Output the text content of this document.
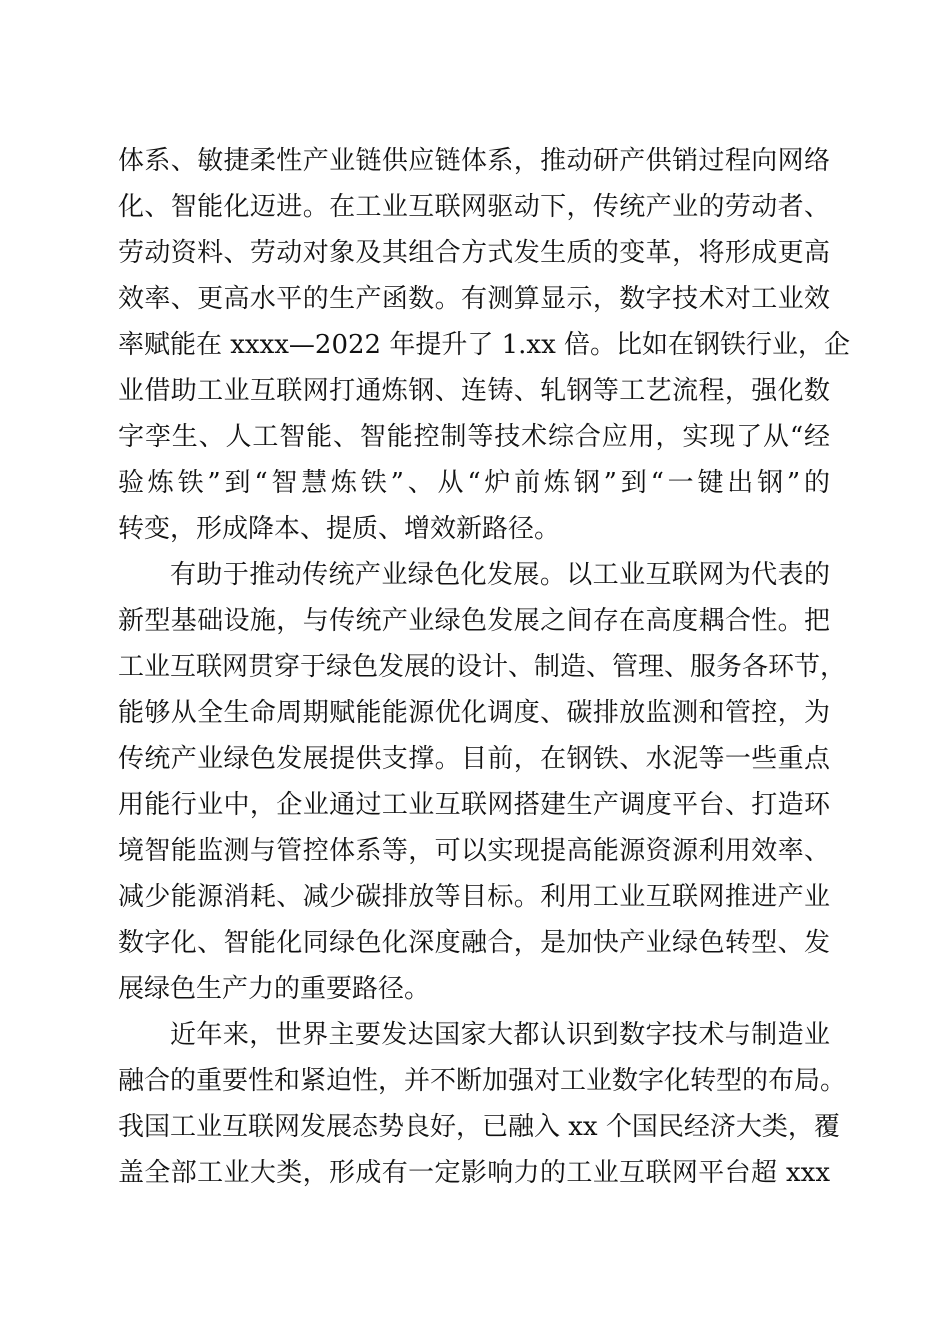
体系、敏捷柔性产业链供应链体系，推动研产供销过程向网络
化、智能化迈进。在工业互联网驱动下，传统产业的劳动者、
劳动资料、劳动对象及其组合方式发生质的变革，将形成更高
效率、更高水平的生产函数。有测算显示，数字技术对工业效
率赋能在 xxxx—2022 年提升了 1.xx 倍。比如在钢铁行业，企
业借助工业互联网打通炼钢、连铸、轧钢等工艺流程，强化数
字孪生、人工智能、智能控制等技术综合应用，实现了从“经
验炼铁”到“智慧炼铁”、从“炉前炼钢”到“一键出钢”的
转变，形成降本、提质、增效新路径。
有助于推动传统产业绿色化发展。以工业互联网为代表的
新型基础设施，与传统产业绿色发展之间存在高度耦合性。把
工业互联网贯穿于绿色发展的设计、制造、管理、服务各环节，
能够从全生命周期赋能能源优化调度、碳排放监测和管控，为
传统产业绿色发展提供支撑。目前，在钢铁、水泥等一些重点
用能行业中，企业通过工业互联网搭建生产调度平台、打造环
境智能监测与管控体系等，可以实现提高能源资源利用效率、
减少能源消耗、减少碳排放等目标。利用工业互联网推进产业
数字化、智能化同绿色化深度融合，是加快产业绿色转型、发
展绿色生产力的重要路径。
近年来，世界主要发达国家大都认识到数字技术与制造业
融合的重要性和紧迫性，并不断加强对工业数字化转型的布局。
我国工业互联网发展态势良好，已融入 xx 个国民经济大类，覆
盖全部工业大类，形成有一定影响力的工业互联网平台超 xxx
